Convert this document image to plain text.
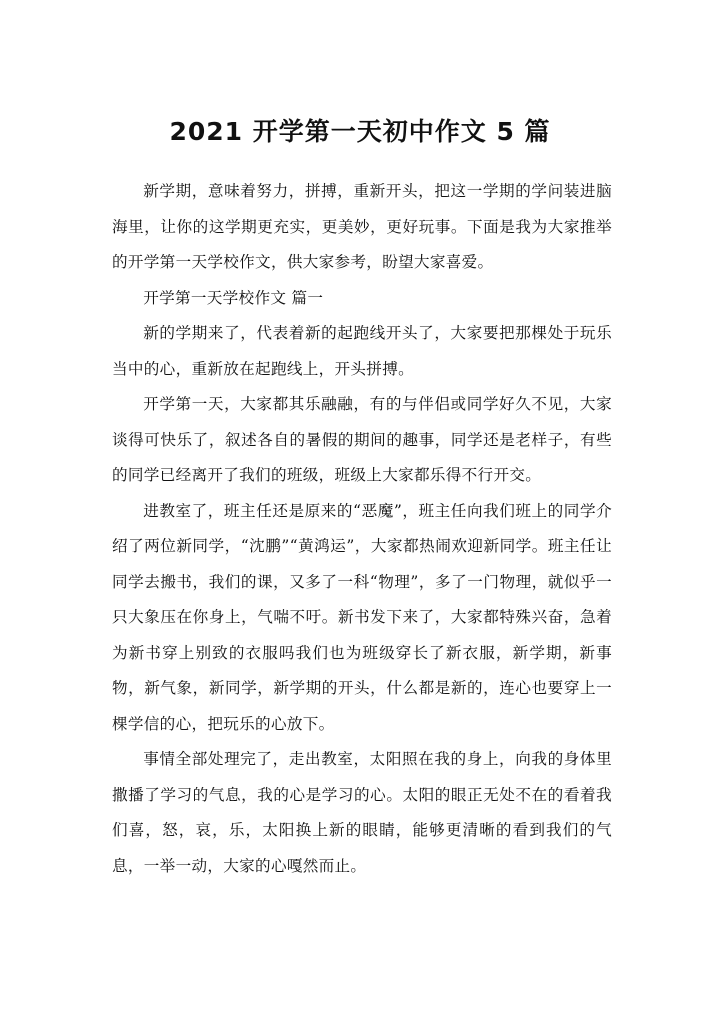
2021 开学第一天初中作文 5 篇

新学期，意味着努力，拼搏，重新开头，把这一学期的学问装进脑海里，让你的这学期更充实，更美妙，更好玩事。下面是我为大家推举的开学第一天学校作文，供大家参考，盼望大家喜爱。

开学第一天学校作文 篇一

新的学期来了，代表着新的起跑线开头了，大家要把那棵处于玩乐当中的心，重新放在起跑线上，开头拼搏。

开学第一天，大家都其乐融融，有的与伴侣或同学好久不见，大家谈得可快乐了，叙述各自的暑假的期间的趣事，同学还是老样子，有些的同学已经离开了我们的班级，班级上大家都乐得不行开交。

进教室了，班主任还是原来的“恶魔”，班主任向我们班上的同学介绍了两位新同学，“沈鹏”“黄鸿运”，大家都热闹欢迎新同学。班主任让同学去搬书，我们的课，又多了一科“物理”，多了一门物理，就似乎一只大象压在你身上，气喘不吁。新书发下来了，大家都特殊兴奋，急着为新书穿上别致的衣服吗我们也为班级穿长了新衣服，新学期，新事物，新气象，新同学，新学期的开头，什么都是新的，连心也要穿上一棵学信的心，把玩乐的心放下。

事情全部处理完了，走出教室，太阳照在我的身上，向我的身体里撒播了学习的气息，我的心是学习的心。太阳的眼正无处不在的看着我们喜，怒，哀，乐，太阳换上新的眼睛，能够更清晰的看到我们的气息，一举一动，大家的心嘎然而止。
